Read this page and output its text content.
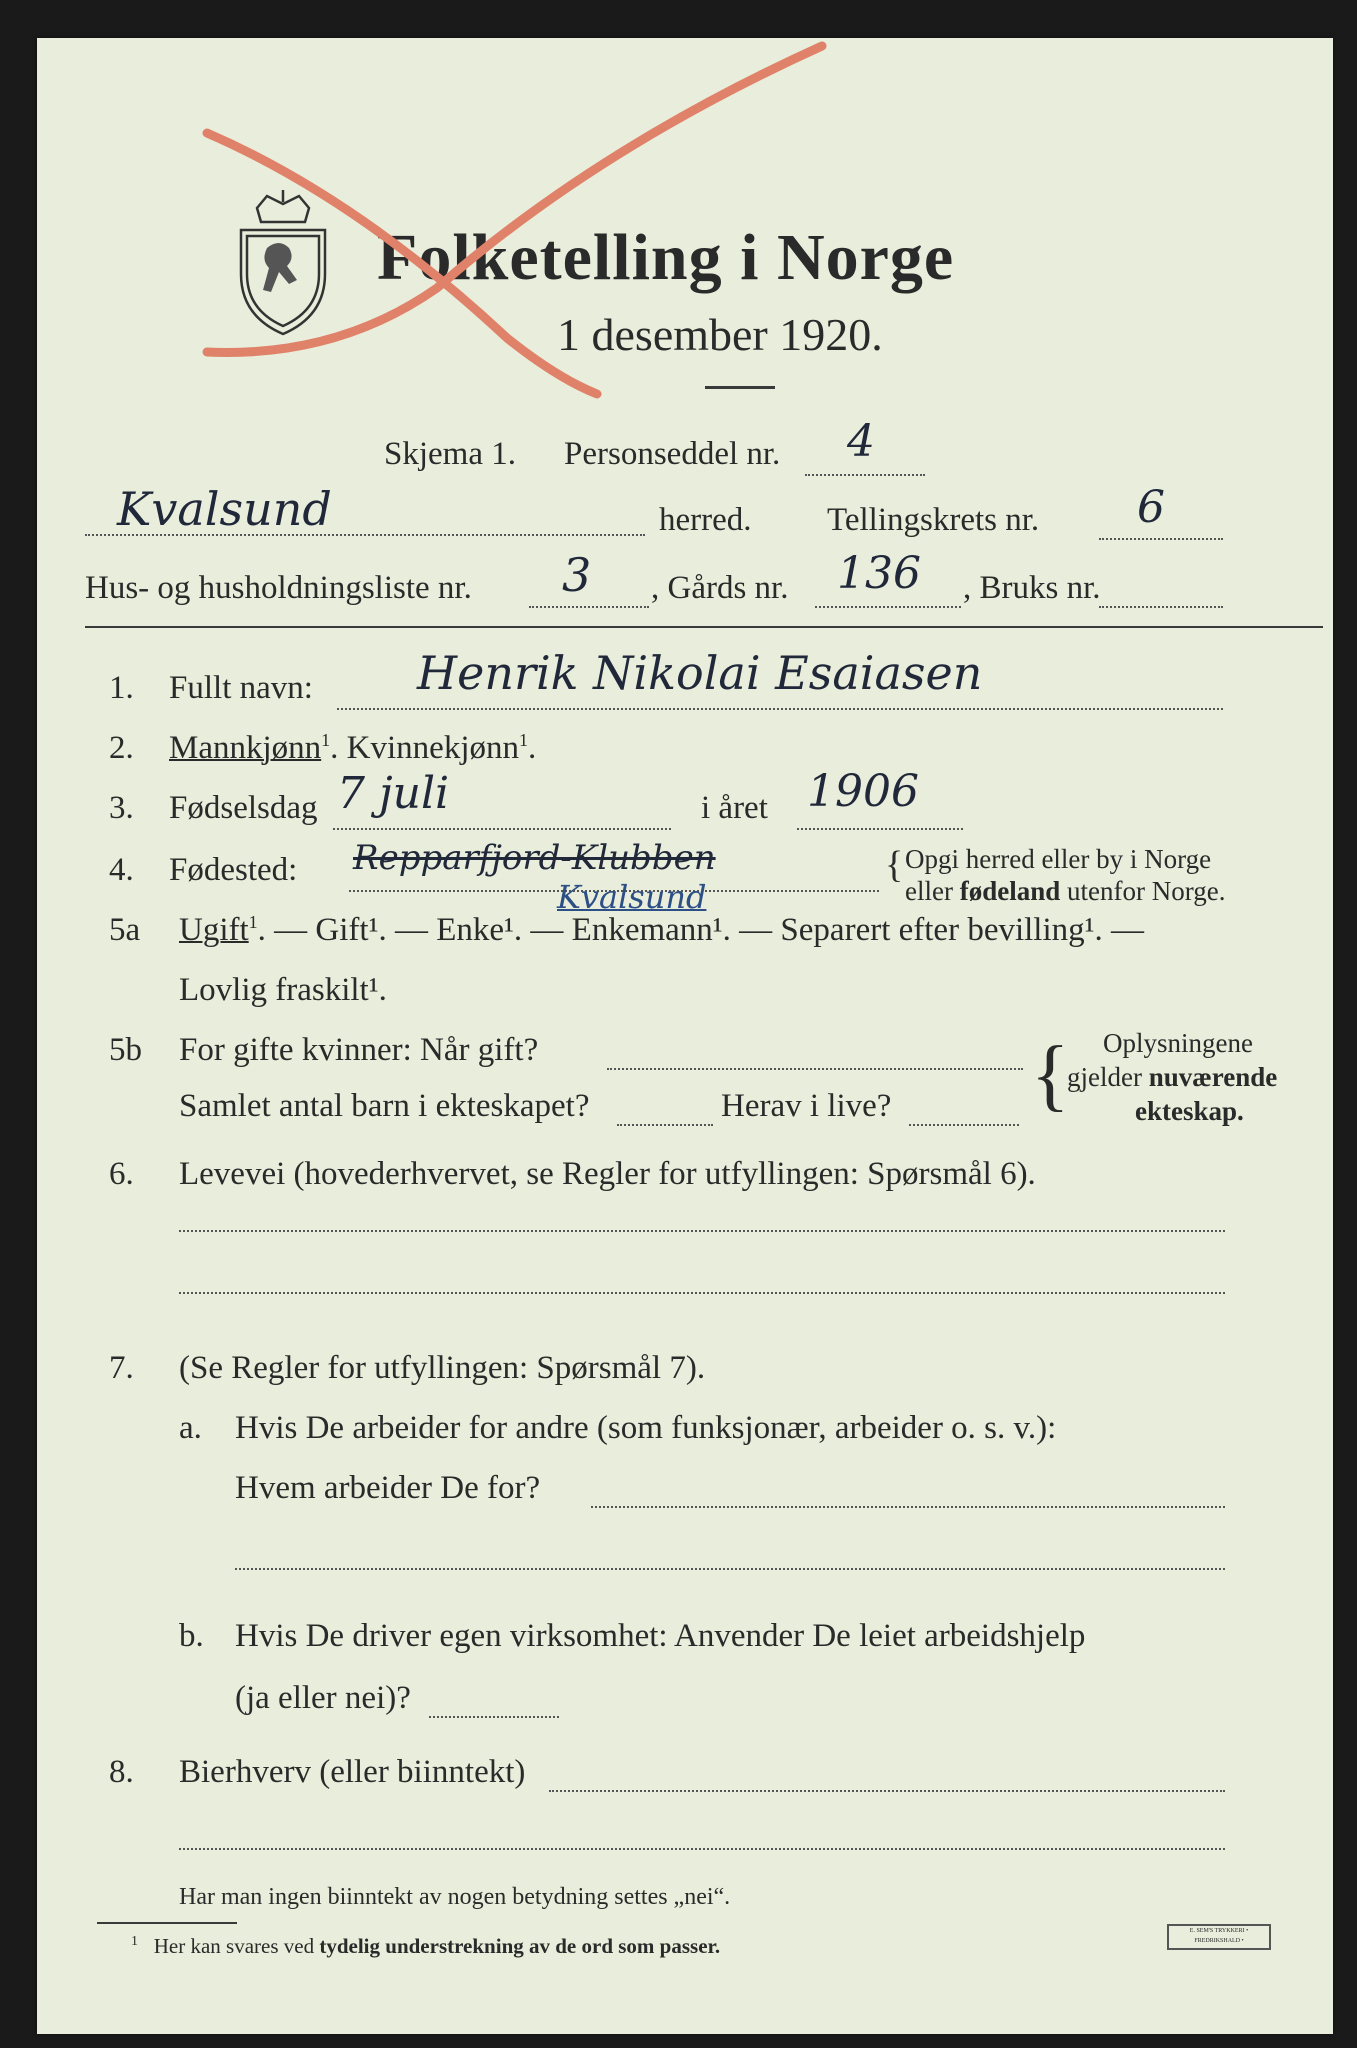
Folketelling i Norge
1 desember 1920.
Skjema 1. Personseddel nr. 4
Kvalsund	herred. Tellingskrets nr. 6
Hus- og husholdningsliste nr. 3 , Gårds nr. 136 , Bruks nr.
1. Fullt navn: Henrik Nikolai Esaiasen
2. Mannkjønn$^1$. Kvinnekjønn$^1$.
3. Fødselsdag 7 juli	i året 1906
4. Fødested: Repparfjord-Klubben
Kvalsund
{ Opgi herred eller by i Norge
eller fødeland utenfor Norge.
5a Ugift$^1$. — Gift¹. — Enke¹. — Enkemann¹. — Separert efter bevilling¹. —
Lovlig fraskilt¹.
5b For gifte kvinner: Når gift?
Samlet antal barn i ekteskapet?	Herav i live? { Oplysningene
gjelder nuværende
ekteskap.
6. Levevei (hovederhvervet, se Regler for utfyllingen: Spørsmål 6).
7. (Se Regler for utfyllingen: Spørsmål 7).
a. Hvis De arbeider for andre (som funksjonær, arbeider o. s. v.):
Hvem arbeider De for?
b. Hvis De driver egen virksomhet: Anvender De leiet arbeidshjelp
(ja eller nei)?
8. Bierhverv (eller biinntekt)
Har man ingen biinntekt av nogen betydning settes „nei“.
$^1$ Her kan svares ved tydelig understrekning av de ord som passer.
E. SEM'S TRYKKERI • FREDRIKSHALD •
